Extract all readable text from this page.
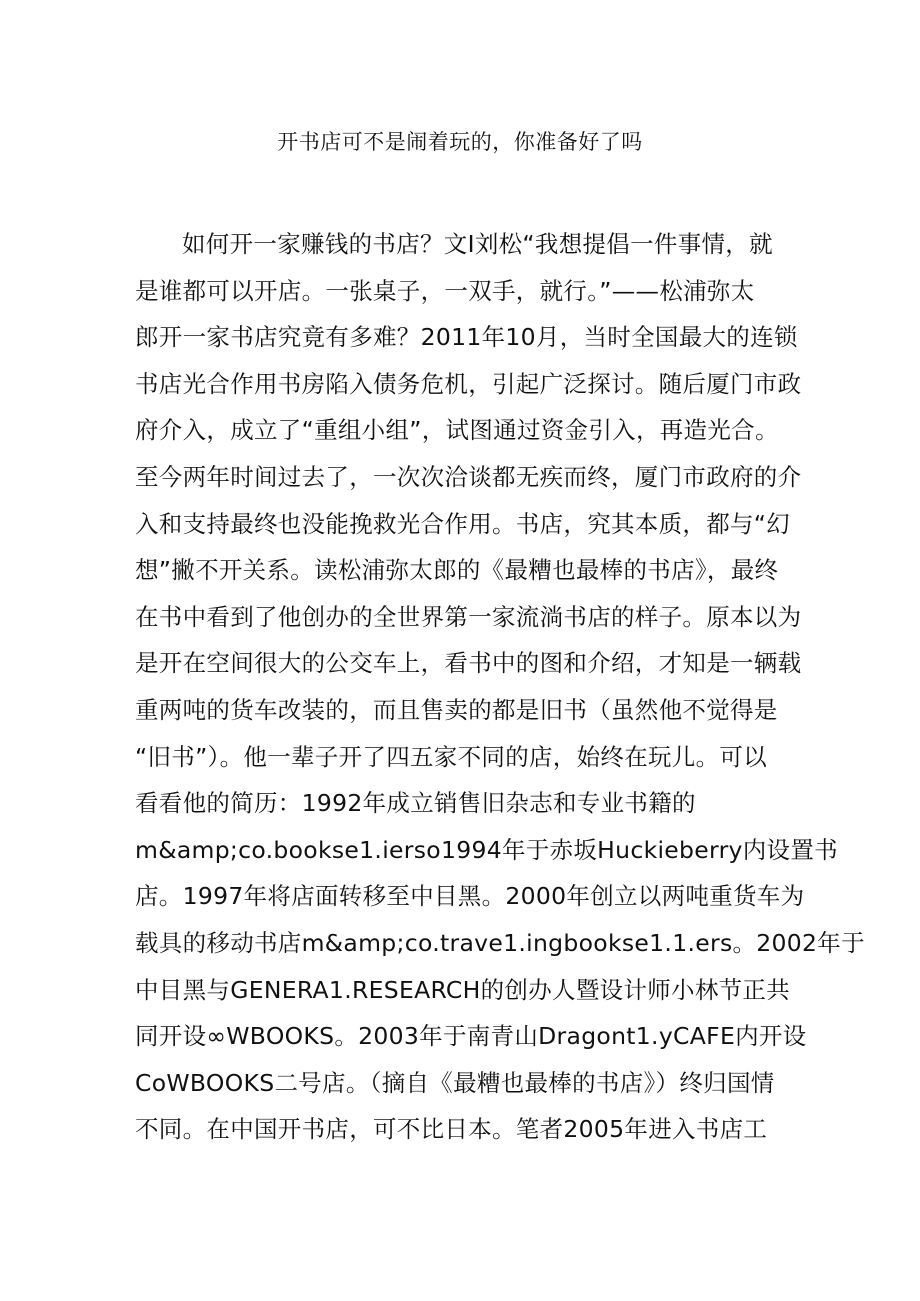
开书店可不是闹着玩的，你准备好了吗
如何开一家赚钱的书店？文I刘松“我想提倡一件事情，就
是谁都可以开店。一张桌子，一双手，就行。”——松浦弥太
郎开一家书店究竟有多难？2011年10月，当时全国最大的连锁
书店光合作用书房陷入债务危机，引起广泛探讨。随后厦门市政
府介入，成立了“重组小组”，试图通过资金引入，再造光合。
至今两年时间过去了，一次次洽谈都无疾而终，厦门市政府的介
入和支持最终也没能挽救光合作用。书店，究其本质，都与“幻
想”撇不开关系。读松浦弥太郎的《最糟也最棒的书店》，最终
在书中看到了他创办的全世界第一家流淌书店的样子。原本以为
是开在空间很大的公交车上，看书中的图和介绍，才知是一辆载
重两吨的货车改装的，而且售卖的都是旧书（虽然他不觉得是
“旧书”）。他一辈子开了四五家不同的店，始终在玩儿。可以
看看他的简历：1992年成立销售旧杂志和专业书籍的
m&amp;co.bookse1.ierso1994年于赤坂Huckieberry内设置书
店。1997年将店面转移至中目黑。2000年创立以两吨重货车为
载具的移动书店m&amp;co.trave1.ingbookse1.1.ers。2002年于
中目黑与GENERA1.RESEARCH的创办人暨设计师小林节正共
同开设∞WBOOKS。2003年于南青山Dragont1.yCAFE内开设
CoWBOOKS二号店。（摘自《最糟也最棒的书店》）终归国情
不同。在中国开书店，可不比日本。笔者2005年进入书店工
